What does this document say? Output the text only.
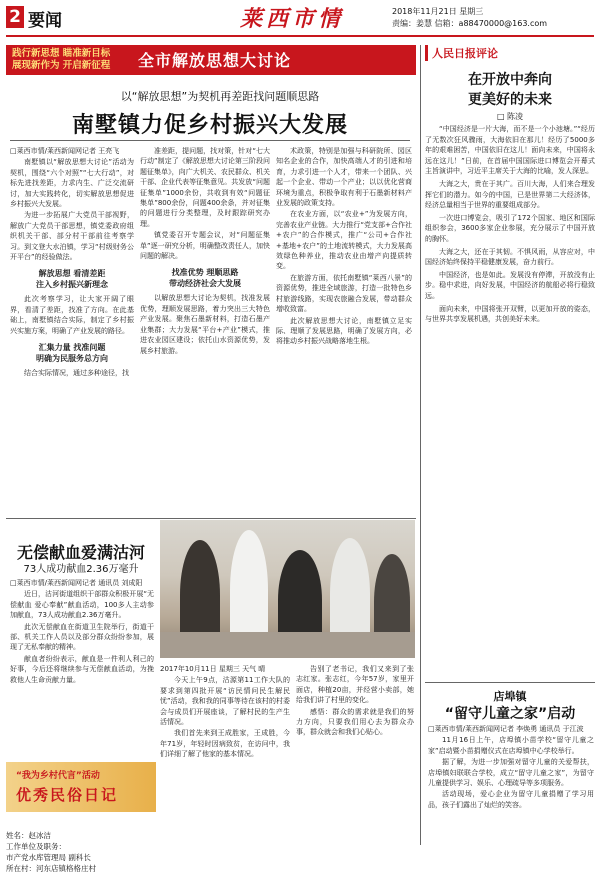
2 要闻	莱西市情	2018年11月21日 星期三
责编：姜慧 信箱：a88470000@163.com
践行新思想 瞄准新目标
展现新作为 开启新征程 全市解放思想大讨论	人民日报评论
在开放中奔向
更美好的未来
□ 陈凌

“中国经济是一片大海，而不是一个小池塘。”“经历了无数次狂风骤雨，大海依旧在那儿！经历了5000多年的艰难困苦，中国依旧在这儿！面向未来，中国将永远在这儿！”日前，在首届中国国际进口博览会开幕式主旨演讲中，习近平主席关于大海的比喻，发人深思。

大海之大，贵在于其广。百川大海，人们来合理发挥它们的潜力。如今的中国，已是世界第二大经济体，经济总量相当于世界的重要组成部分。

一次进口博览会，吸引了172个国家、地区和国际组织参会，3600多家企业参展，充分展示了中国开放的胸怀。

大海之大，还在于其韧。不惧风雨，从容应对，中国经济始终保持平稳健康发展，奋力前行。

中国经济，也是如此。发展没有停滞，开放没有止步。稳中求进，向好发展，中国经济的航船必将行稳致远。

面向未来，中国将张开双臂，以更加开放的姿态，与世界共享发展机遇，共创美好未来。

以“解放思想”为契机再差距找问题顺思路
南墅镇力促乡村振兴大发展

□莱西市情/莱西新闻网记者 王亮飞

南墅镇以“解放思想大讨论”活动为契机，围绕“六个对照”“七大行动”，对标先进找差距，力求内生、广泛交流研讨，加大实践转化，切实解放思想促进乡村振兴大发展。

为进一步拓展广大党员干部视野，解放广大党员干部思想，镇党委政府组织机关干部、部分村干部前往考察学习。到文登大水泊镇，学习“村级财务公开平台”的经验做法。

解放思想 看清差距
注入乡村振兴新理念

此次考察学习，让大家开阔了眼界，看清了差距，找准了方向。在此基础上，南墅镇结合实际，制定了乡村振兴实施方案，明确了产业发展的路径。

汇集力量 找准问题
明确为民服务总方向

结合实际情况，通过多种途径，找

准差距，提问题，找对策，针对“七大行动”制定了《解放思想大讨论第三阶段问题征集单》，向广大机关、农民群众、机关干部、企业代表等征集意见。共发放“问题征集单”1000余份，共收到有效“问题征集单”800余份，问题400余条，并对征集的问题进行分类整理，及时跟踪研究办理。

镇党委召开专题会议，对“问题征集单”逐一研究分析，明确整改责任人，加快问题的解决。

找准优势 理顺思路
带动经济社会大发展

以解放思想大讨论为契机，找准发展优势，理顺发展思路，着力突出三大特色产业发展。聚焦石墨新材料，打造石墨产业集群；大力发展“平台+产业”模式，推进农业园区建设；依托山水资源优势，发展乡村旅游。

术政策，特别是加强与科研院所、园区知名企业的合作，加快高端人才的引进和培育，力求引进一个人才，带来一个团队、兴起一个企业、带动一个产业；以以优化营商环境为重点，积极争取有利于石墨新材料产业发展的政策支持。

在农业方面，以“农业+”为发展方向，完善农业产业链。大力推行“党支部+合作社+农户”的合作模式，推广“公司+合作社+基地+农户”的土地流转模式，大力发展高效绿色种养业，推动农业由增产向提质转变。

在旅游方面，依托南墅镇“莱西八景”的资源优势，推进全域旅游，打造一批特色乡村旅游线路，实现农旅融合发展，带动群众增收致富。

此次解放思想大讨论，南墅镇立足实际、理顺了发展思路，明确了发展方向，必将推动乡村振兴战略落地生根。

无偿献血爱满沽河
73人成功献血2.36万毫升

□莱西市情/莱西新闻网记者 通讯员 刘成阳

近日，沽河街道组织干部群众积极开展“无偿献血 爱心奉献”献血活动，100多人主动参加献血，73人成功献血2.36万毫升。

此次无偿献血在街道卫生院举行，街道干部、机关工作人员以及部分群众纷纷参加，展现了无私奉献的精神。

献血者纷纷表示，献血是一件利人利己的好事，今后还将继续参与无偿献血活动，为挽救他人生命贡献力量。

2017年10月11日 星期三 天气 晴

今天上午9点，沽源第11工作大队的要求到第四批开展“访民情问民生解民忧”活动，我和我的同事等待在该村的村委会与成员们开展座谈，了解村民的生产生活情况。

我们首先来到王成胜家，王成胜，今年71岁，年轻时因病致贫，在访问中，我们详细了解了他家的基本情况。

告别了老书记，我们又来到了张志红家。张志红，今年57岁，家里开面店，种植20亩，并经营小卖部，她给我们讲了村里的变化。

感悟：群众的需求就是我们的努力方向，只要我们用心去为群众办事，群众就会和我们心贴心。

店埠镇
“留守儿童之家”启动

□莱西市情/莱西新闻网记者 李焕勇 通讯员 于江波

11月16日上午，店埠镇小苗学校“留守儿童之家”启动暨小苗捐赠仪式在店埠镇中心学校举行。

据了解，为进一步加强对留守儿童的关爱帮扶，店埠镇妇联联合学校，成立“留守儿童之家”，为留守儿童提供学习、娱乐、心理疏导等多项服务。

活动现场，爱心企业为留守儿童捐赠了学习用品，孩子们露出了灿烂的笑容。

“我为乡村代言”活动
优秀民俗日记
姓名：赵冰洁
工作单位及职务：
市产党水库管理局 副科长
所在村：河东店镇格格庄村
